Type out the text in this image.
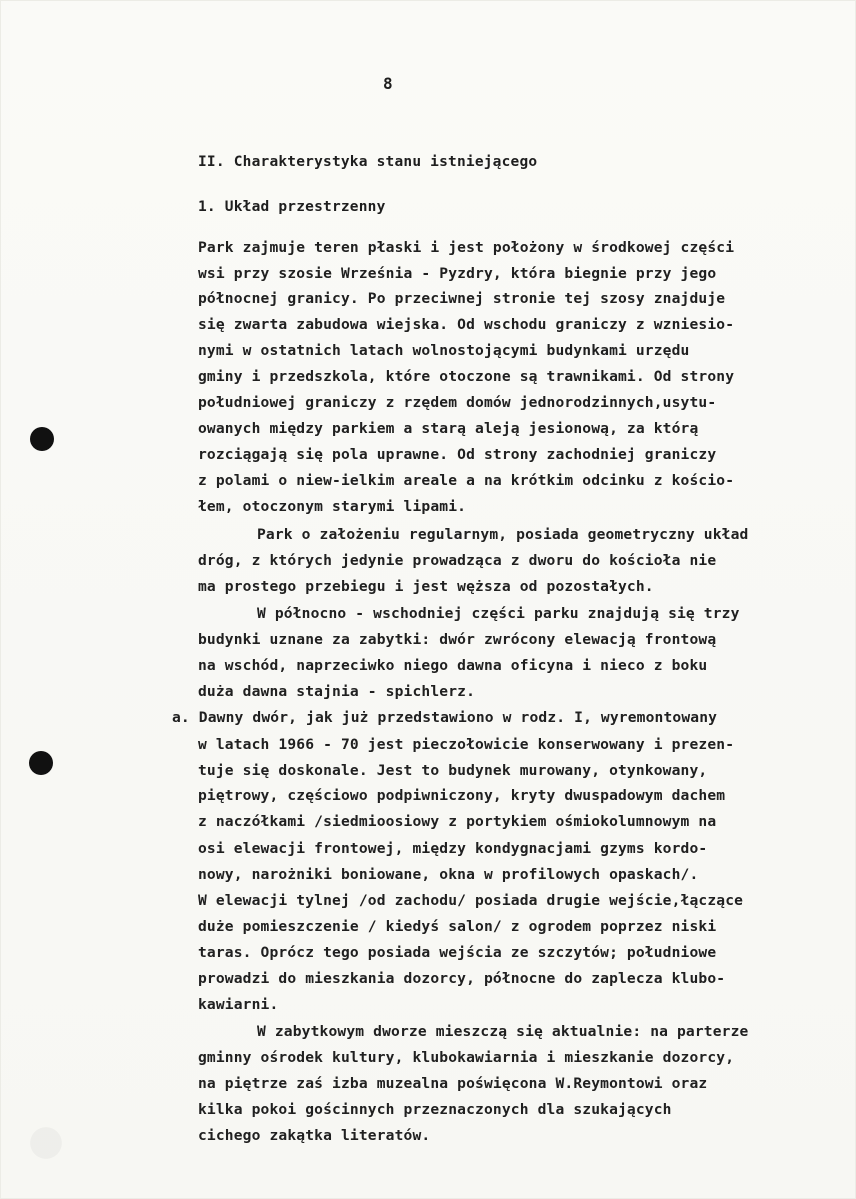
8
II. Charakterystyka stanu istniejącego
1. Układ przestrzenny
Park zajmuje teren płaski i jest położony w środkowej części
wsi przy szosie Września - Pyzdry, która biegnie przy jego
północnej granicy. Po przeciwnej stronie tej szosy znajduje
się zwarta zabudowa wiejska. Od wschodu graniczy z wzniesio-
nymi w ostatnich latach wolnostojącymi budynkami urzędu
gminy i przedszkola, które otoczone są trawnikami. Od strony
południowej graniczy z rzędem domów jednorodzinnych,usytu-
owanych między parkiem a starą aleją jesionową, za którą
rozciągają się pola uprawne. Od strony zachodniej graniczy
z polami o niew-ielkim areale a na krótkim odcinku z kościo-
łem, otoczonym starymi lipami.
Park o założeniu regularnym, posiada geometryczny układ
dróg, z których jedynie prowadząca z dworu do kościoła nie
ma prostego przebiegu i jest węższa od pozostałych.
W północno - wschodniej części parku znajdują się trzy
budynki uznane za zabytki: dwór zwrócony elewacją frontową
na wschód, naprzeciwko niego dawna oficyna i nieco z boku
duża dawna stajnia - spichlerz.
a. Dawny dwór, jak już przedstawiono w rodz. I, wyremontowany
w latach 1966 - 70 jest pieczołowicie konserwowany i prezen-
tuje się doskonale. Jest to budynek murowany, otynkowany,
piętrowy, częściowo podpiwniczony, kryty dwuspadowym dachem
z naczółkami /siedmioosiowy z portykiem ośmiokolumnowym na
osi elewacji frontowej, między kondygnacjami gzyms kordo-
nowy, narożniki boniowane, okna w profilowych opaskach/.
W elewacji tylnej /od zachodu/ posiada drugie wejście,łączące
duże pomieszczenie / kiedyś salon/ z ogrodem poprzez niski
taras. Oprócz tego posiada wejścia ze szczytów; południowe
prowadzi do mieszkania dozorcy, północne do zaplecza klubo-
kawiarni.
W zabytkowym dworze mieszczą się aktualnie: na parterze
gminny ośrodek kultury, klubokawiarnia i mieszkanie dozorcy,
na piętrze zaś izba muzealna poświęcona W.Reymontowi oraz
kilka pokoi gościnnych przeznaczonych dla szukających
cichego zakątka literatów.
